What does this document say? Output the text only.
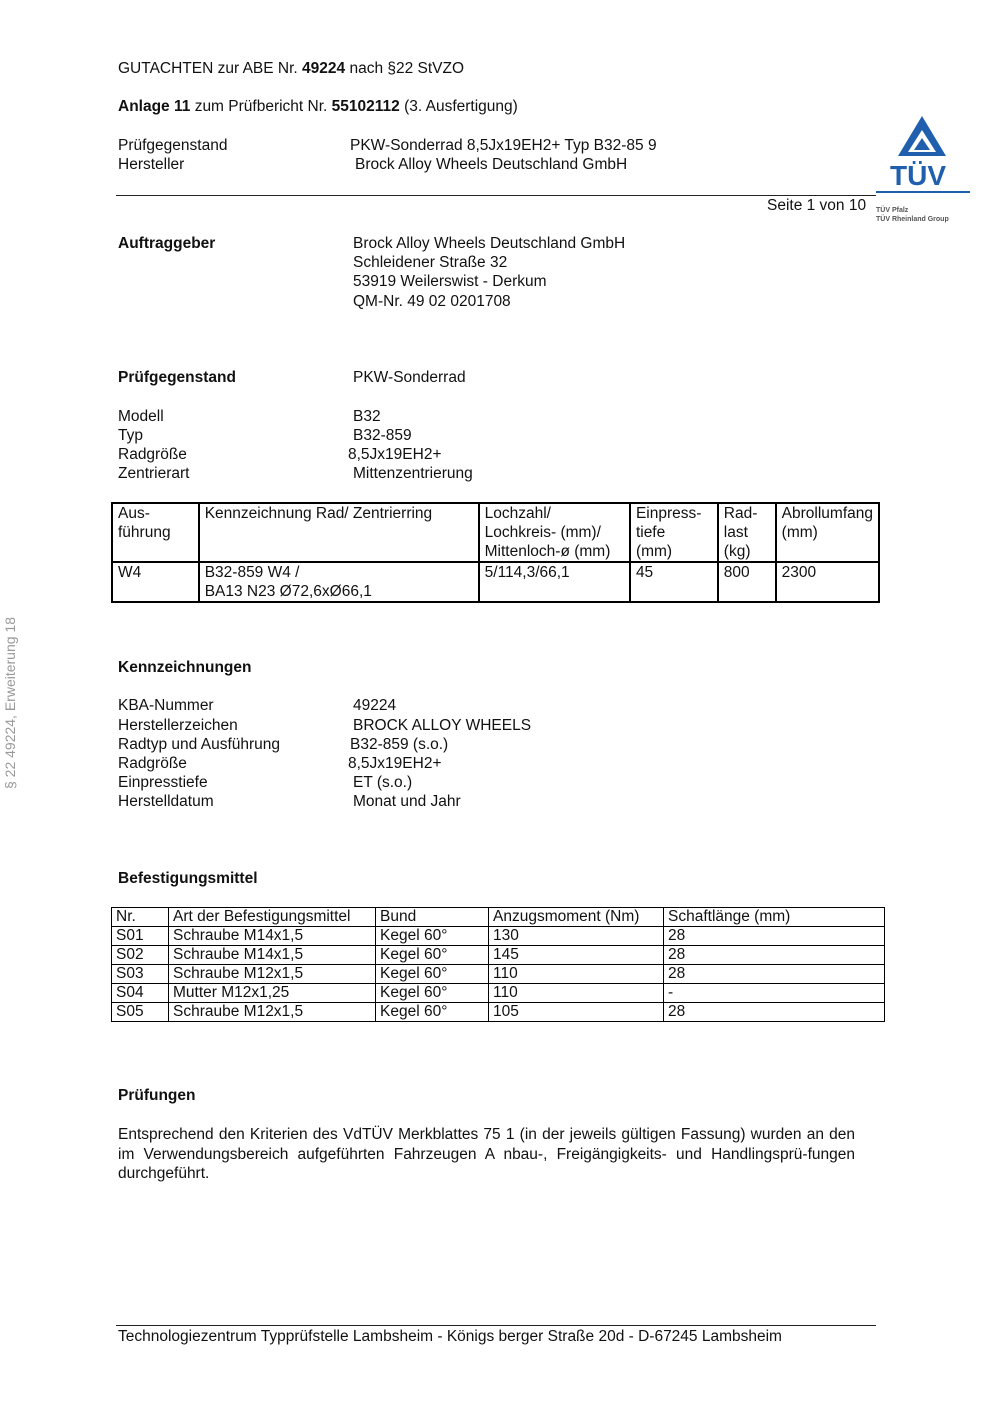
GUTACHTEN zur ABE Nr. 49224 nach §22 StVZO
Anlage 11 zum Prüfbericht Nr. 55102112 (3. Ausfertigung)
Prüfgegenstand	PKW-Sonderrad 8,5Jx19EH2+ Typ B32-85 9
Hersteller	Brock Alloy Wheels Deutschland GmbH
Seite 1 von 10
TÜV
TÜV Pfalz
TÜV Rheinland Group
§ 22 49224, Erweiterung 18
Auftraggeber	Brock Alloy Wheels Deutschland GmbH
Schleidener Straße 32
53919 Weilerswist - Derkum
QM-Nr. 49 02 0201708
Prüfgegenstand	PKW-Sonderrad
Modell	B32
Typ	B32-859
Radgröße	8,5Jx19EH2+
Zentrierart	Mittenzentrierung
Aus-
führung	Kennzeichnung Rad/ Zentrierring	Lochzahl/
Lochkreis- (mm)/
Mittenloch-ø (mm)	Einpress-
tiefe
(mm)	Rad-
last
(kg)	Abrollumfang
(mm)
W4	B32-859 W4 /
BA13 N23 Ø72,6xØ66,1	5/114,3/66,1	45	800	2300
Kennzeichnungen
KBA-Nummer	49224
Herstellerzeichen	BROCK ALLOY WHEELS
Radtyp und Ausführung	B32-859 (s.o.)
Radgröße	8,5Jx19EH2+
Einpresstiefe	ET (s.o.)
Herstelldatum	Monat und Jahr
Befestigungsmittel
Nr.	Art der Befestigungsmittel	Bund	Anzugsmoment (Nm)	Schaftlänge (mm)
S01	Schraube M14x1,5	Kegel 60°	130	28
S02	Schraube M14x1,5	Kegel 60°	145	28
S03	Schraube M12x1,5	Kegel 60°	110	28
S04	Mutter M12x1,25	Kegel 60°	110	-
S05	Schraube M12x1,5	Kegel 60°	105	28
Prüfungen
Entsprechend den Kriterien des VdTÜV Merkblattes 75 1 (in der jeweils gültigen Fassung) wurden an den im Verwendungsbereich aufgeführten Fahrzeugen A nbau-, Freigängigkeits- und Handlingsprü-fungen durchgeführt.
Technologiezentrum Typprüfstelle Lambsheim - Königs berger Straße 20d - D-67245 Lambsheim
